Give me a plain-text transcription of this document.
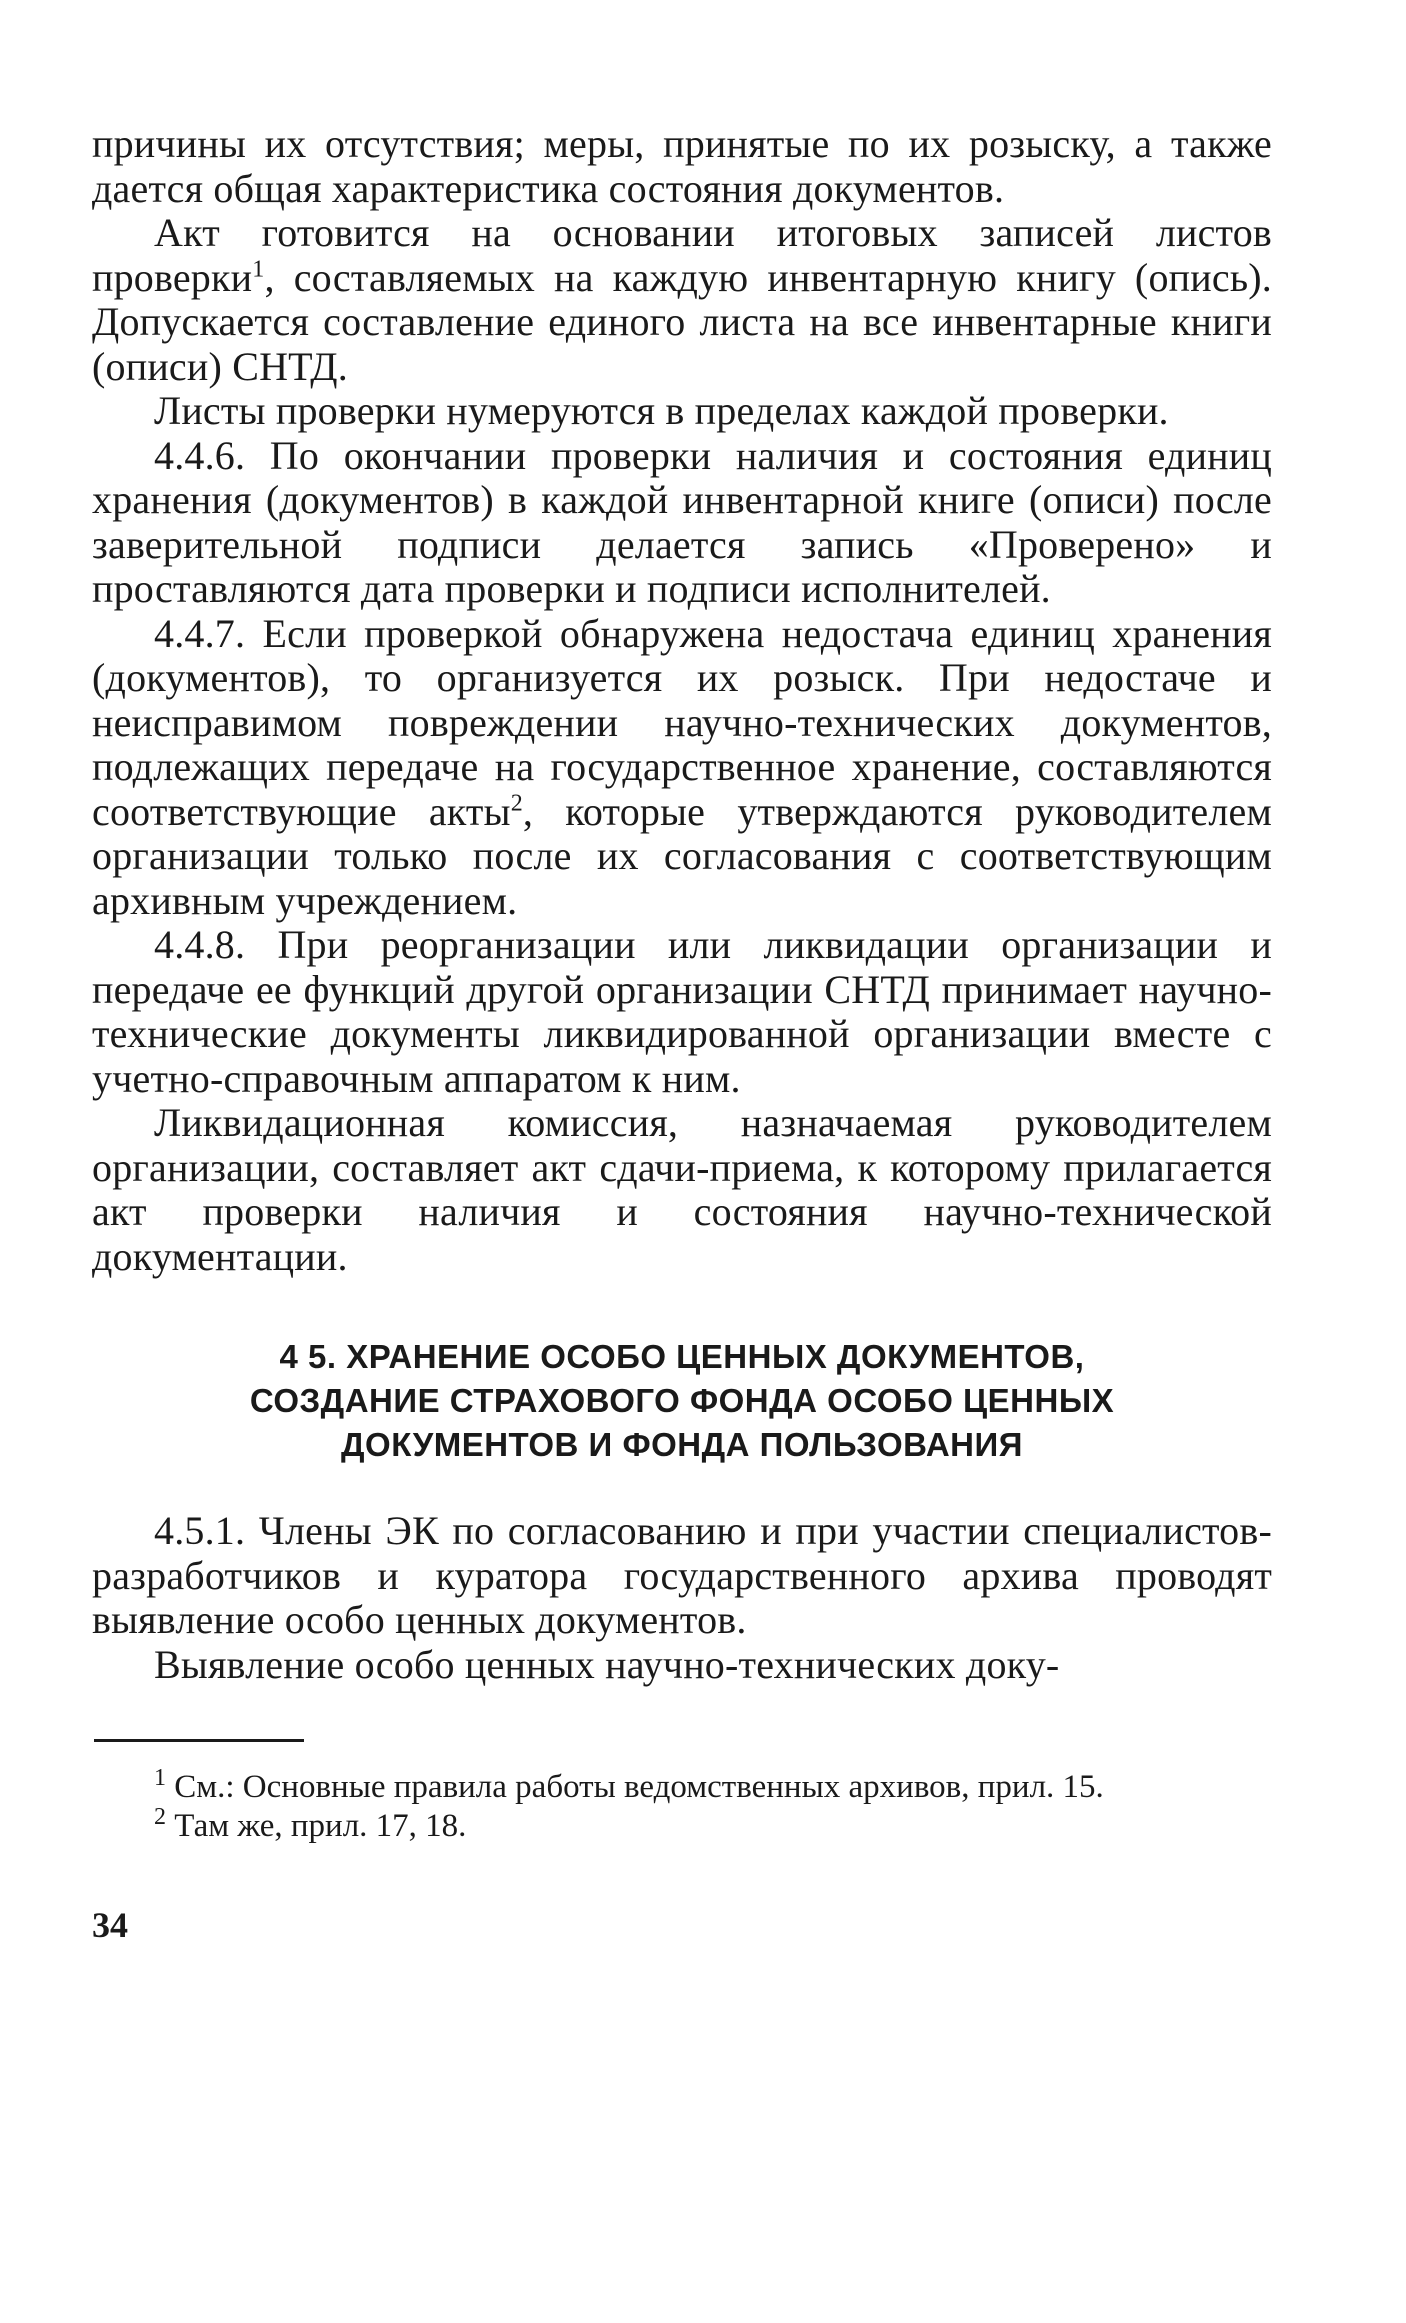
причины их отсутствия; меры, принятые по их розыску, а также дается общая характеристика состояния документов.

Акт готовится на основании итоговых записей листов проверки$^1$, составляемых на каждую инвентарную книгу (опись). Допускается составление единого листа на все инвентарные книги (описи) СНТД.

Листы проверки нумеруются в пределах каждой проверки.

4.4.6. По окончании проверки наличия и состояния единиц хранения (документов) в каждой инвентарной книге (описи) после заверительной подписи делается запись «Проверено» и проставляются дата проверки и подписи исполнителей.

4.4.7. Если проверкой обнаружена недостача единиц хранения (документов), то организуется их розыск. При недостаче и неисправимом повреждении научно-технических документов, подлежащих передаче на государственное хранение, составляются соответствующие акты$^2$, которые утверждаются руководителем организации только после их согласования с соответствующим архивным учреждением.

4.4.8. При реорганизации или ликвидации организации и передаче ее функций другой организации СНТД принимает научно-технические документы ликвидированной организации вместе с учетно-справочным аппаратом к ним.

Ликвидационная комиссия, назначаемая руководителем организации, составляет акт сдачи-приема, к которому прилагается акт проверки наличия и состояния научно-технической документации.

4 5. ХРАНЕНИЕ ОСОБО ЦЕННЫХ ДОКУМЕНТОВ,
СОЗДАНИЕ СТРАХОВОГО ФОНДА ОСОБО ЦЕННЫХ
ДОКУМЕНТОВ И ФОНДА ПОЛЬЗОВАНИЯ

4.5.1. Члены ЭК по согласованию и при участии специалистов-разработчиков и куратора государственного архива проводят выявление особо ценных документов.

Выявление особо ценных научно-технических доку-

$^1$ См.: Основные правила работы ведомственных архивов, прил. 15.

$^2$ Там же, прил. 17, 18.

34
